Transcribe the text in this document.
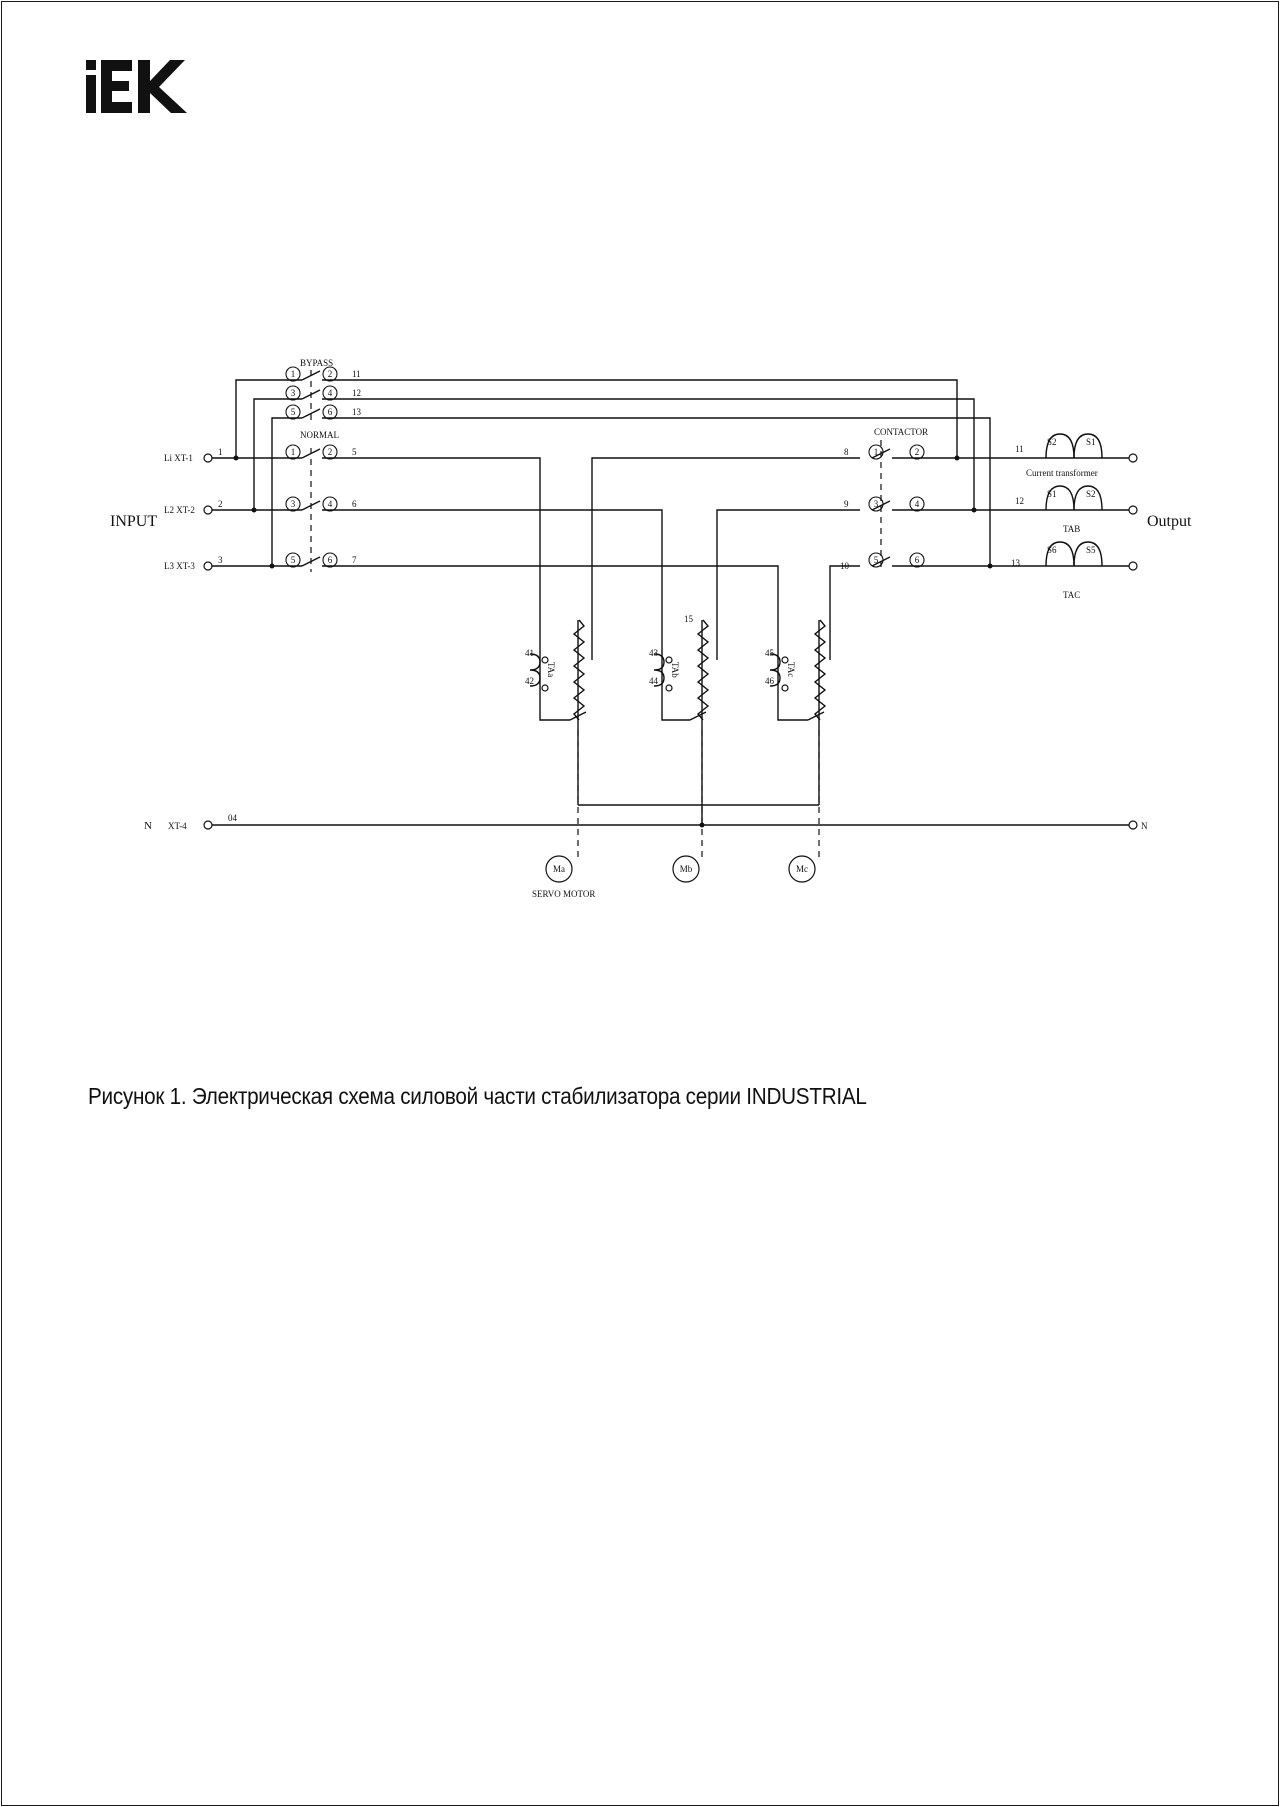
INPUT	Output
BYPASS
NORMAL	CONTACTOR
Current transformer
SERVO MOTOR
Li XT-1
L2 XT-2
L3 XT-3
N XT-4	N
1
2
3
11
12
13
5
6
7
8
9
10
11
12
13
15
04
1	2
3	4
5	6
1	2
3	4
5	6
1	2
3	4
5	6
41
42
43
44
45
46
TAa	TAb	TAc
S2	S1
S1	S2
S6	S5
TAB
TAC
Ma	Mb	Mc
Рисунок 1. Электрическая схема силовой части стабилизатора серии INDUSTRIAL
